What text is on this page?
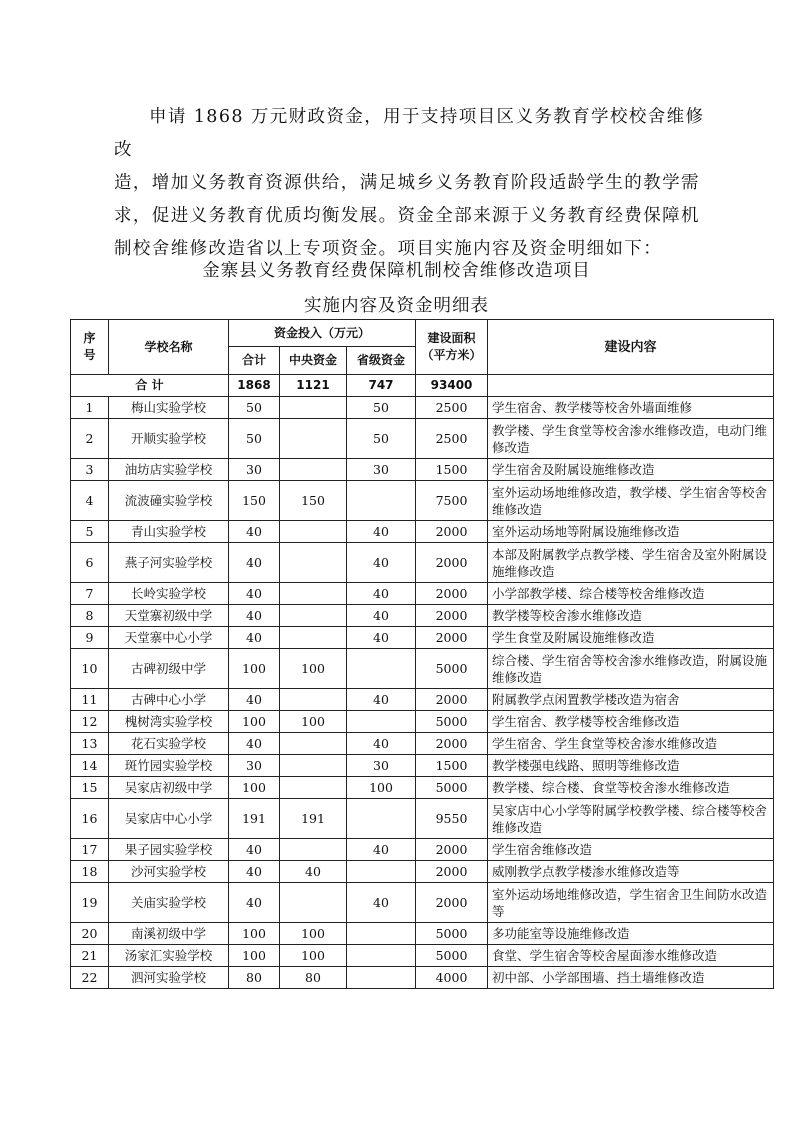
申请 1868 万元财政资金，用于支持项目区义务教育学校校舍维修改
造，增加义务教育资源供给，满足城乡义务教育阶段适龄学生的教学需
求，促进义务教育优质均衡发展。资金全部来源于义务教育经费保障机
制校舍维修改造省以上专项资金。项目实施内容及资金明细如下：

金寨县义务教育经费保障机制校舍维修改造项目

实施内容及资金明细表

序号	学校名称	资金投入（万元）			建设面积（平方米）	建设内容
		合计	中央资金	省级资金		
合 计		1868	1121	747	93400	
1	梅山实验学校	50		50	2500	学生宿舍、教学楼等校舍外墙面维修
2	开顺实验学校	50		50	2500	教学楼、学生食堂等校舍渗水维修改造，电动门维修改造
3	油坊店实验学校	30		30	1500	学生宿舍及附属设施维修改造
4	流波䃥实验学校	150	150		7500	室外运动场地维修改造，教学楼、学生宿舍等校舍维修改造
5	青山实验学校	40		40	2000	室外运动场地等附属设施维修改造
6	燕子河实验学校	40		40	2000	本部及附属教学点教学楼、学生宿舍及室外附属设施维修改造
7	长岭实验学校	40		40	2000	小学部教学楼、综合楼等校舍维修改造
8	天堂寨初级中学	40		40	2000	教学楼等校舍渗水维修改造
9	天堂寨中心小学	40		40	2000	学生食堂及附属设施维修改造
10	古碑初级中学	100	100		5000	综合楼、学生宿舍等校舍渗水维修改造，附属设施维修改造
11	古碑中心小学	40		40	2000	附属教学点闲置教学楼改造为宿舍
12	槐树湾实验学校	100	100		5000	学生宿舍、教学楼等校舍维修改造
13	花石实验学校	40		40	2000	学生宿舍、学生食堂等校舍渗水维修改造
14	斑竹园实验学校	30		30	1500	教学楼强电线路、照明等维修改造
15	吴家店初级中学	100		100	5000	教学楼、综合楼、食堂等校舍渗水维修改造
16	吴家店中心小学	191	191		9550	吴家店中心小学等附属学校教学楼、综合楼等校舍维修改造
17	果子园实验学校	40		40	2000	学生宿舍维修改造
18	沙河实验学校	40	40		2000	威刚教学点教学楼渗水维修改造等
19	关庙实验学校	40		40	2000	室外运动场地维修改造，学生宿舍卫生间防水改造等
20	南溪初级中学	100	100		5000	多功能室等设施维修改造
21	汤家汇实验学校	100	100		5000	食堂、学生宿舍等校舍屋面渗水维修改造
22	泗河实验学校	80	80		4000	初中部、小学部围墙、挡土墙维修改造
